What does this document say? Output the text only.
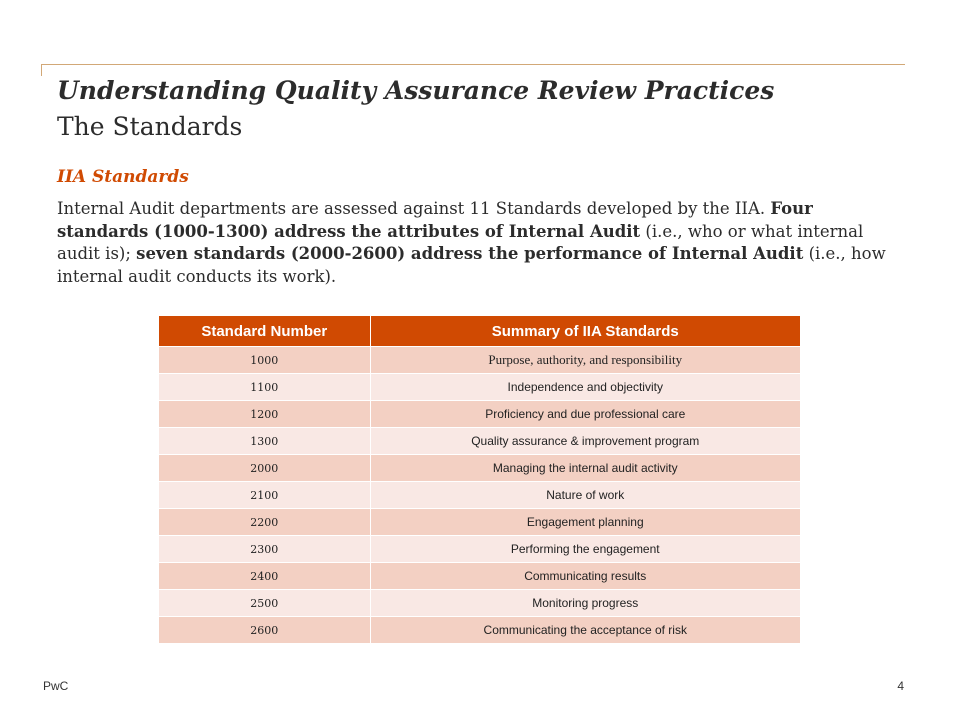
Understanding Quality Assurance Review Practices
The Standards
IIA Standards

Internal Audit departments are assessed against 11 Standards developed by the IIA. Four standards (1000-1300) address the attributes of Internal Audit (i.e., who or what internal audit is); seven standards (2000-2600) address the performance of Internal Audit (i.e., how internal audit conducts its work).

Standard Number	Summary of IIA Standards
1000	Purpose, authority, and responsibility
1100	Independence and objectivity
1200	Proficiency and due professional care
1300	Quality assurance & improvement program
2000	Managing the internal audit activity
2100	Nature of work
2200	Engagement planning
2300	Performing the engagement
2400	Communicating results
2500	Monitoring progress
2600	Communicating the acceptance of risk
PwC	4
